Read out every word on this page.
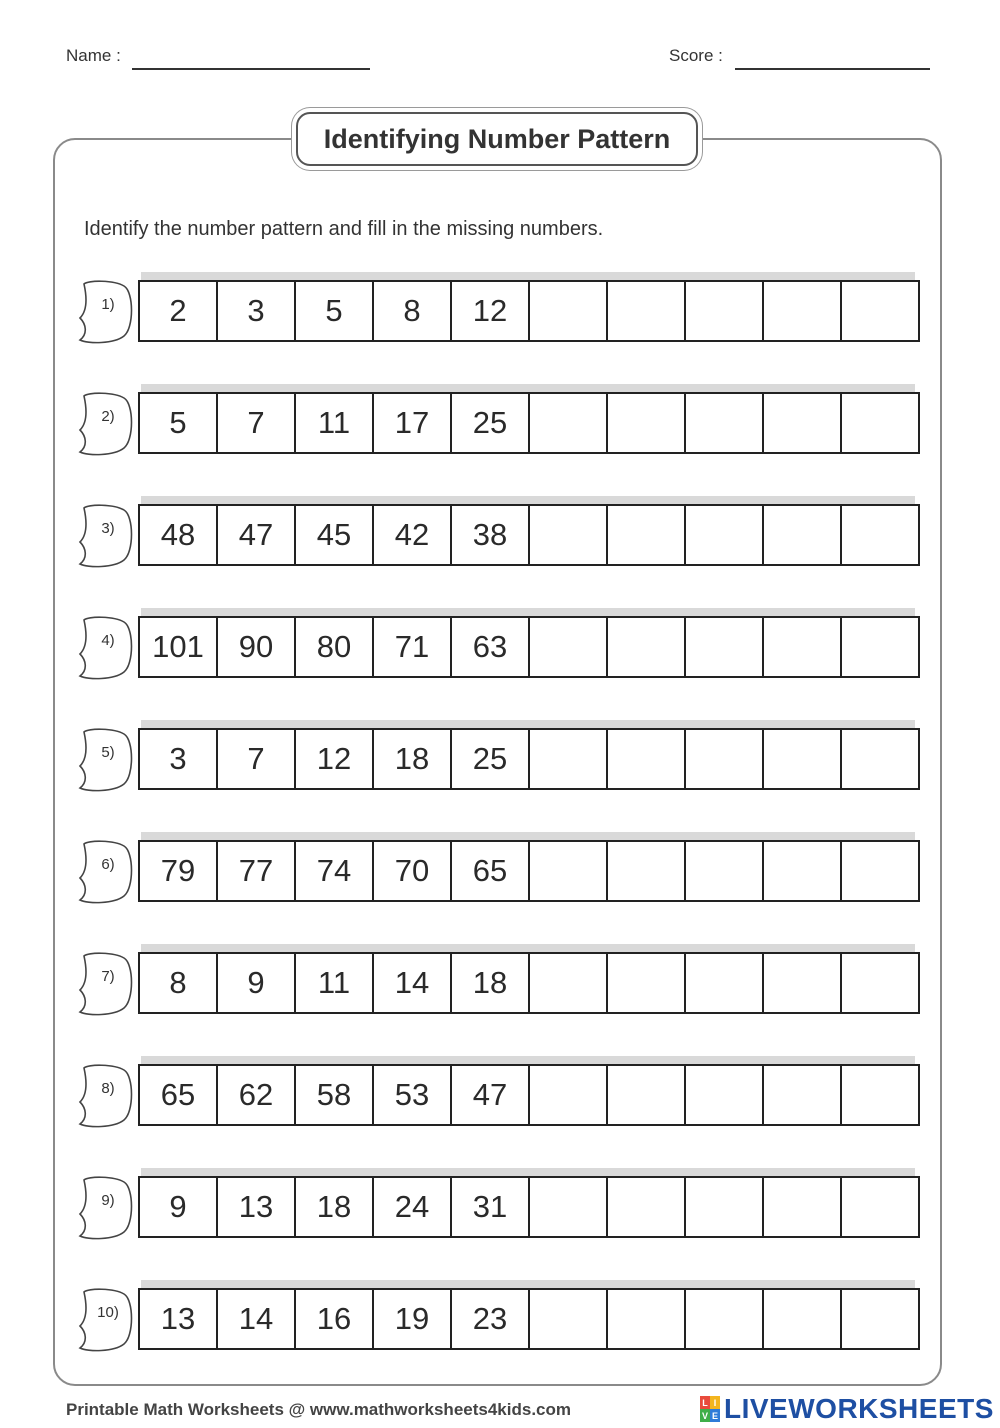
Name :	Score :
Identifying Number Pattern
Identify the number pattern and fill in the missing numbers.
1)	2	3	5	8	12
2)	5	7	11	17	25
3)	48	47	45	42	38
4)	101	90	80	71	63
5)	3	7	12	18	25
6)	79	77	74	70	65
7)	8	9	11	14	18
8)	65	62	58	53	47
9)	9	13	18	24	31
10)	13	14	16	19	23
Printable Math Worksheets @ www.mathworksheets4kids.com	L I
V E LIVEWORKSHEETS
